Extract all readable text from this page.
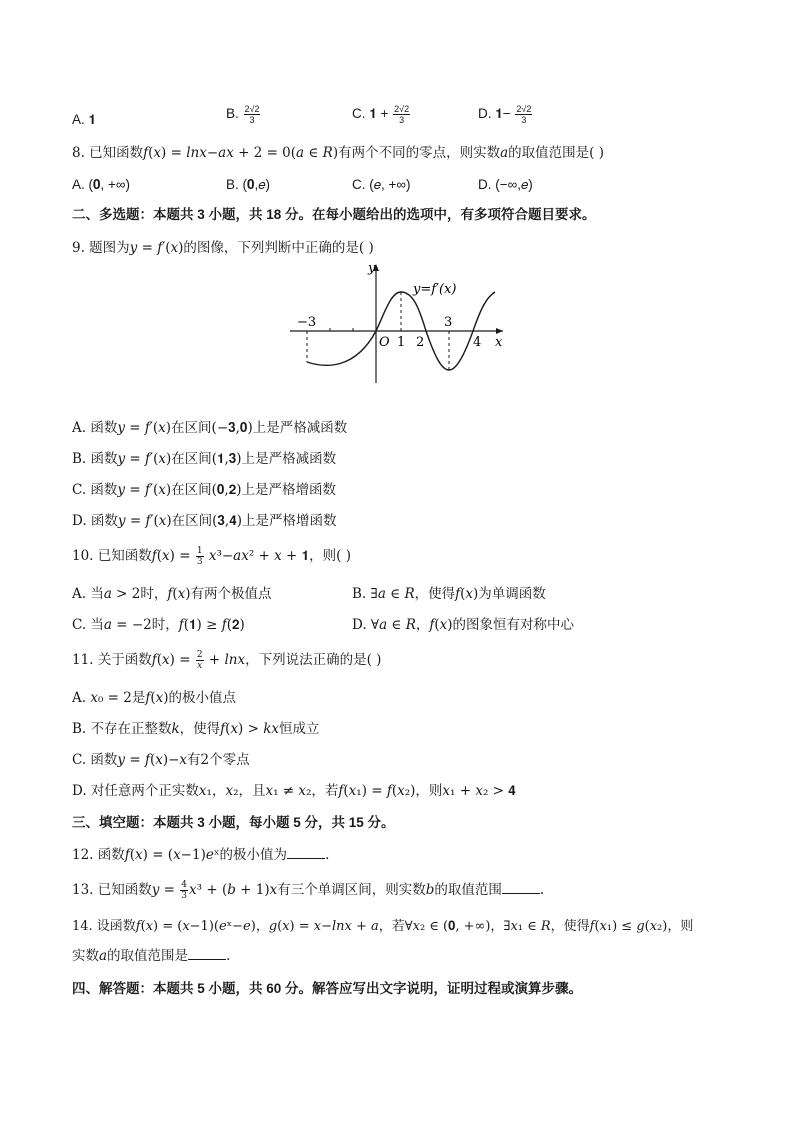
A. 𝟏	B. $\frac{2√2}{3}$	C. 𝟏 + $\frac{2√2}{3}$	D. 𝟏− $\frac{2√2}{3}$
8. 已知函数𝑓(𝑥) = 𝑙𝑛𝑥−𝑎𝑥 + 2 = 0(𝑎 ∈ 𝑅)有两个不同的零点，则实数𝑎的取值范围是( )
A. (𝟎, +∞)	B. (𝟎,𝑒)	C. (𝑒, +∞)	D. (−∞,𝑒)
二、多选题：本题共 3 小题，共 18 分。在每小题给出的选项中，有多项符合题目要求。
9. 题图为𝑦 = 𝑓′(𝑥)的图像，下列判断中正确的是( )
y
x
y=f′(x)
O
−3
1 2
3
4
A. 函数𝑦 = 𝑓′(𝑥)在区间(−𝟑,𝟎)上是严格减函数
B. 函数𝑦 = 𝑓′(𝑥)在区间(𝟏,𝟑)上是严格减函数
C. 函数𝑦 = 𝑓′(𝑥)在区间(𝟎,𝟐)上是严格增函数
D. 函数𝑦 = 𝑓′(𝑥)在区间(𝟑,𝟒)上是严格增函数
10. 已知函数𝑓(𝑥) = $\frac{1}{3}$ 𝑥³−𝑎𝑥² + 𝑥 + 𝟏，则( )
A. 当𝑎 > 2时，𝑓(𝑥)有两个极值点	B. ∃𝑎 ∈ 𝑅，使得𝑓(𝑥)为单调函数
C. 当𝑎 = −2时，𝑓(𝟏) ≥ 𝑓(𝟐)	D. ∀𝑎 ∈ 𝑅，𝑓(𝑥)的图象恒有对称中心
11. 关于函数𝑓(𝑥) = $\frac{2}{\text{𝑥}}$ + 𝑙𝑛𝑥，下列说法正确的是( )
A. 𝑥₀ = 2是𝑓(𝑥)的极小值点
B. 不存在正整数𝑘，使得𝑓(𝑥) > 𝑘𝑥恒成立
C. 函数𝑦 = 𝑓(𝑥)−𝑥有2个零点
D. 对任意两个正实数𝑥₁，𝑥₂，且𝑥₁ ≠ 𝑥₂，若𝑓(𝑥₁) = 𝑓(𝑥₂)，则𝑥₁ + 𝑥₂ > 𝟒
三、填空题：本题共 3 小题，每小题 5 分，共 15 分。
12. 函数𝑓(𝑥) = (𝑥−1)𝑒ˣ的极小值为	.
13. 已知函数𝑦 = $\frac{4}{3}$ 𝑥³ + (𝑏 + 1)𝑥有三个单调区间，则实数𝑏的取值范围	.
14. 设函数𝑓(𝑥) = (𝑥−1)(𝑒ˣ−𝑒)，𝑔(𝑥) = 𝑥−𝑙𝑛𝑥 + 𝑎，若∀𝑥₂ ∈ (𝟎, +∞)，∃𝑥₁ ∈ 𝑅，使得𝑓(𝑥₁) ≤ 𝑔(𝑥₂)，则
实数𝑎的取值范围是	.
四、解答题：本题共 5 小题，共 60 分。解答应写出文字说明，证明过程或演算步骤。
